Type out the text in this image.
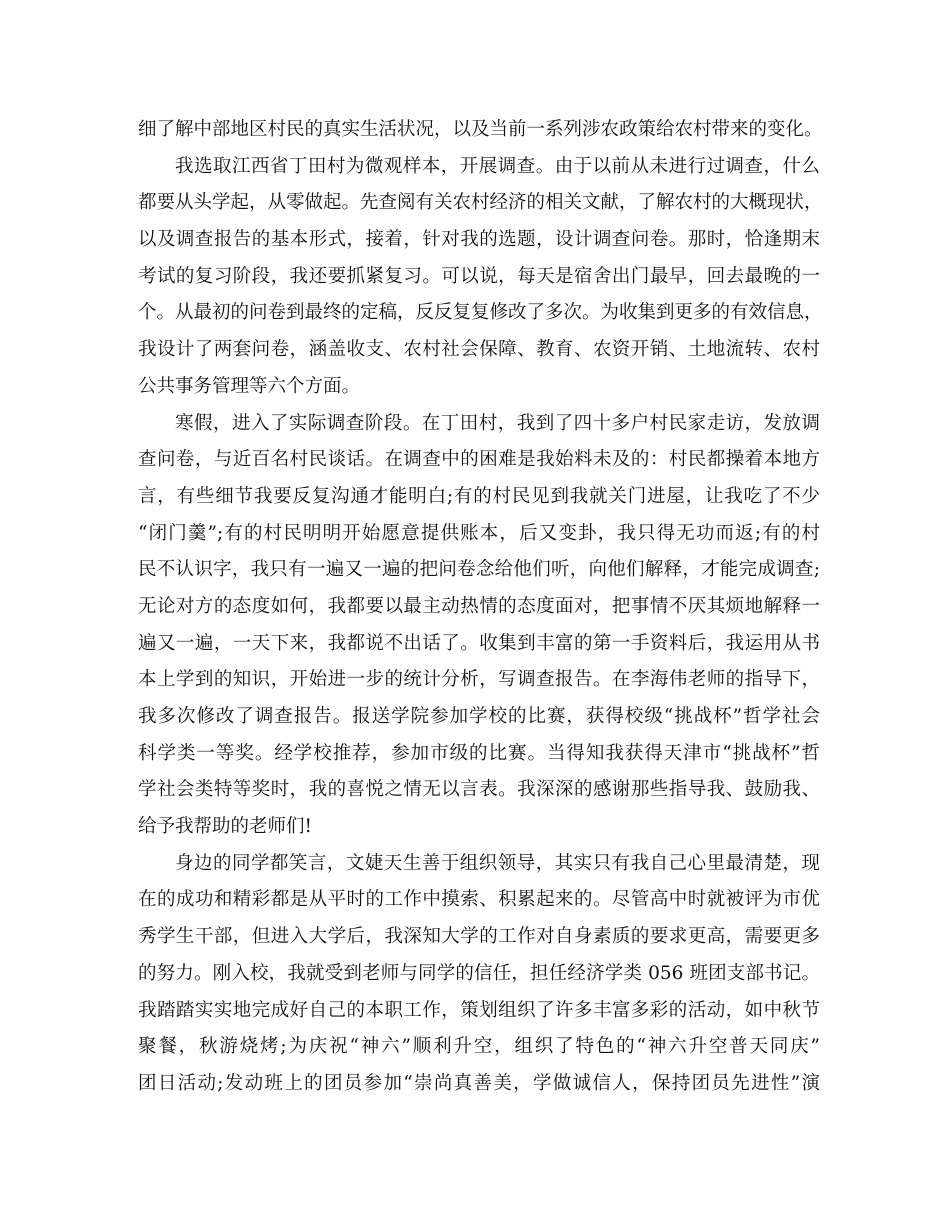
细了解中部地区村民的真实生活状况，以及当前一系列涉农政策给农村带来的变化。
我选取江西省丁田村为微观样本，开展调查。由于以前从未进行过调查，什么
都要从头学起，从零做起。先查阅有关农村经济的相关文献，了解农村的大概现状，
以及调查报告的基本形式，接着，针对我的选题，设计调查问卷。那时，恰逢期末
考试的复习阶段，我还要抓紧复习。可以说，每天是宿舍出门最早，回去最晚的一
个。从最初的问卷到最终的定稿，反反复复修改了多次。为收集到更多的有效信息，
我设计了两套问卷，涵盖收支、农村社会保障、教育、农资开销、土地流转、农村
公共事务管理等六个方面。
寒假，进入了实际调查阶段。在丁田村，我到了四十多户村民家走访，发放调
查问卷，与近百名村民谈话。在调查中的困难是我始料未及的：村民都操着本地方
言，有些细节我要反复沟通才能明白;有的村民见到我就关门进屋，让我吃了不少
“闭门羹”;有的村民明明开始愿意提供账本，后又变卦，我只得无功而返;有的村
民不认识字，我只有一遍又一遍的把问卷念给他们听，向他们解释，才能完成调查;
无论对方的态度如何，我都要以最主动热情的态度面对，把事情不厌其烦地解释一
遍又一遍，一天下来，我都说不出话了。收集到丰富的第一手资料后，我运用从书
本上学到的知识，开始进一步的统计分析，写调查报告。在李海伟老师的指导下，
我多次修改了调查报告。报送学院参加学校的比赛，获得校级“挑战杯”哲学社会
科学类一等奖。经学校推荐，参加市级的比赛。当得知我获得天津市“挑战杯”哲
学社会类特等奖时，我的喜悦之情无以言表。我深深的感谢那些指导我、鼓励我、
给予我帮助的老师们!
身边的同学都笑言，文婕天生善于组织领导，其实只有我自己心里最清楚，现
在的成功和精彩都是从平时的工作中摸索、积累起来的。尽管高中时就被评为市优
秀学生干部，但进入大学后，我深知大学的工作对自身素质的要求更高，需要更多
的努力。刚入校，我就受到老师与同学的信任，担任经济学类 056 班团支部书记。
我踏踏实实地完成好自己的本职工作，策划组织了许多丰富多彩的活动，如中秋节
聚餐，秋游烧烤;为庆祝“神六”顺利升空，组织了特色的“神六升空普天同庆”
团日活动;发动班上的团员参加“崇尚真善美，学做诚信人，保持团员先进性”演
